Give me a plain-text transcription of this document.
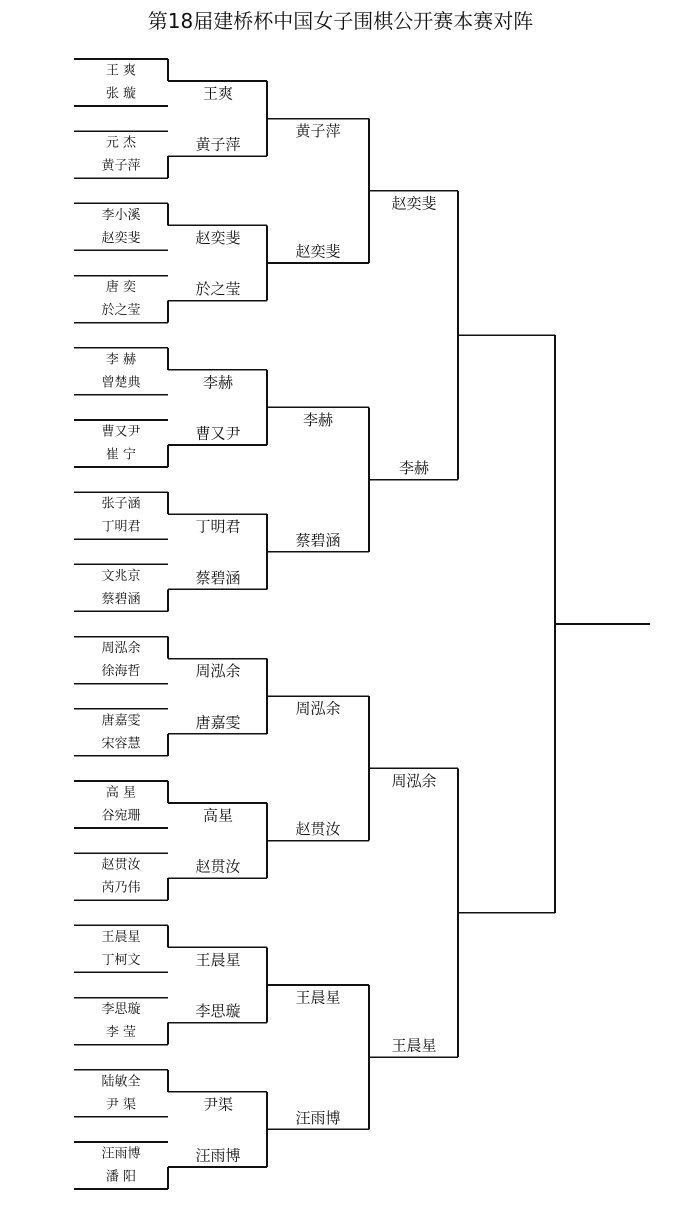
第18届建桥杯中国女子围棋公开赛本赛对阵
王 爽
张 璇
元 杰
黄子萍
李小溪
赵奕斐
唐 奕
於之莹
李 赫
曾楚典
曹又尹
崔 宁
张子涵
丁明君
文兆京
蔡碧涵
周泓余
徐海哲
唐嘉雯
宋容慧
高 星
谷宛珊
赵贯汝
芮乃伟
王晨星
丁柯文
李思璇
李 莹
陆敏全
尹 渠
汪雨博
潘 阳
王爽
黄子萍
赵奕斐
於之莹
李赫
曹又尹
丁明君
蔡碧涵
周泓余
唐嘉雯
高星
赵贯汝
王晨星
李思璇
尹渠
汪雨博
黄子萍
赵奕斐
李赫
蔡碧涵
周泓余
赵贯汝
王晨星
汪雨博
赵奕斐
李赫
周泓余
王晨星
